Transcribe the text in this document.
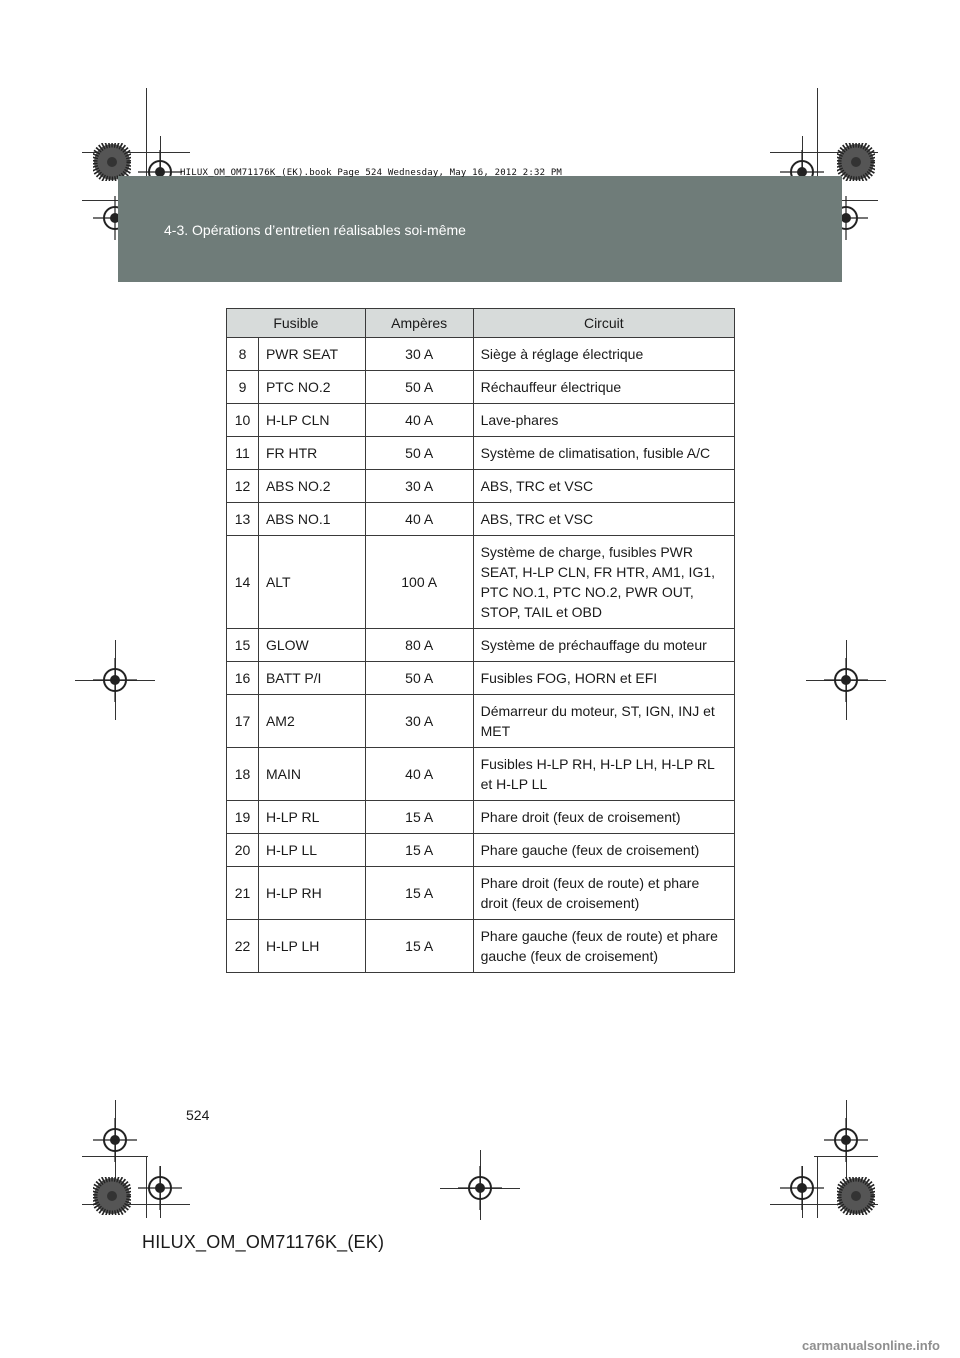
HILUX_OM_OM71176K_(EK).book Page 524 Wednesday, May 16, 2012 2:32 PM
4-3. Opérations d’entretien réalisables soi-même
Fusible		Ampères	Circuit
8	PWR SEAT	30 A	Siège à réglage électrique
9	PTC NO.2	50 A	Réchauffeur électrique
10	H-LP CLN	40 A	Lave-phares
11	FR HTR	50 A	Système de climatisation, fusible A/C
12	ABS NO.2	30 A	ABS, TRC et VSC
13	ABS NO.1	40 A	ABS, TRC et VSC
14	ALT	100 A	Système de charge, fusibles PWR SEAT, H-LP CLN, FR HTR, AM1, IG1, PTC NO.1, PTC NO.2, PWR OUT, STOP, TAIL et OBD
15	GLOW	80 A	Système de préchauffage du moteur
16	BATT P/I	50 A	Fusibles FOG, HORN et EFI
17	AM2	30 A	Démarreur du moteur, ST, IGN, INJ et MET
18	MAIN	40 A	Fusibles H-LP RH, H-LP LH, H-LP RL et H-LP LL
19	H-LP RL	15 A	Phare droit (feux de croisement)
20	H-LP LL	15 A	Phare gauche (feux de croisement)
21	H-LP RH	15 A	Phare droit (feux de route) et phare droit (feux de croisement)
22	H-LP LH	15 A	Phare gauche (feux de route) et phare gauche (feux de croisement)
524
HILUX_OM_OM71176K_(EK)
carmanualsonline.info
